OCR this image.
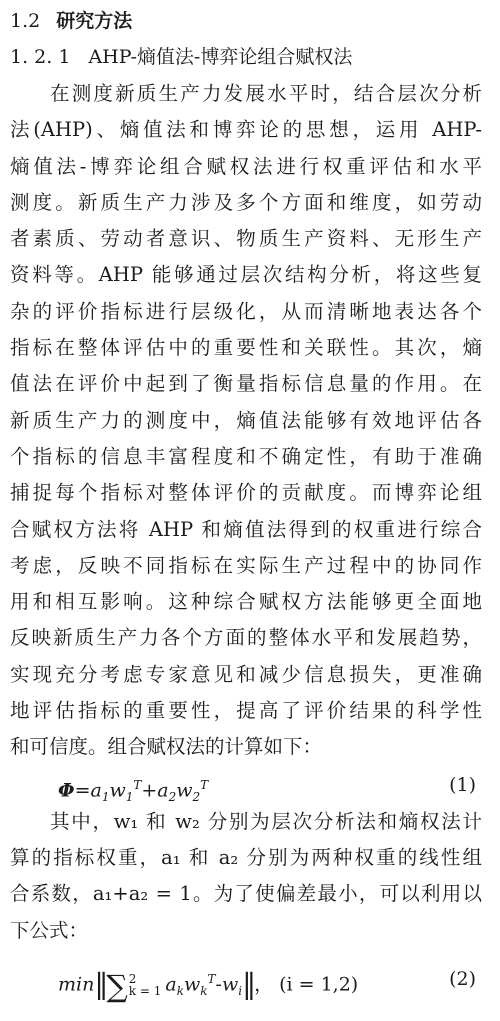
1.2 研究方法
1. 2. 1 AHP-熵值法-博弈论组合赋权法
在测度新质生产力发展水平时，结合层次分析
法(AHP)、熵值法和博弈论的思想，运用 AHP-
熵值法-博弈论组合赋权法进行权重评估和水平
测度。新质生产力涉及多个方面和维度，如劳动
者素质、劳动者意识、物质生产资料、无形生产
资料等。AHP 能够通过层次结构分析，将这些复
杂的评价指标进行层级化，从而清晰地表达各个
指标在整体评估中的重要性和关联性。其次，熵
值法在评价中起到了衡量指标信息量的作用。在
新质生产力的测度中，熵值法能够有效地评估各
个指标的信息丰富程度和不确定性，有助于准确
捕捉每个指标对整体评价的贡献度。而博弈论组
合赋权方法将 AHP 和熵值法得到的权重进行综合
考虑，反映不同指标在实际生产过程中的协同作
用和相互影响。这种综合赋权方法能够更全面地
反映新质生产力各个方面的整体水平和发展趋势，
实现充分考虑专家意见和减少信息损失，更准确
地评估指标的重要性，提高了评价结果的科学性
和可信度。组合赋权法的计算如下：
$\Phi=a_1w_1^T+a_2w_2^T$	(1)
其中，w₁ 和 w₂ 分别为层次分析法和熵权法计
算的指标权重，a₁ 和 a₂ 分别为两种权重的线性组
合系数，a₁+a₂ = 1。为了使偏差最小，可以利用以
下公式：
min‖∑ 2
k = 1 $a_kw_k^T-w_i‖$， (i = 1,2)	(2)
